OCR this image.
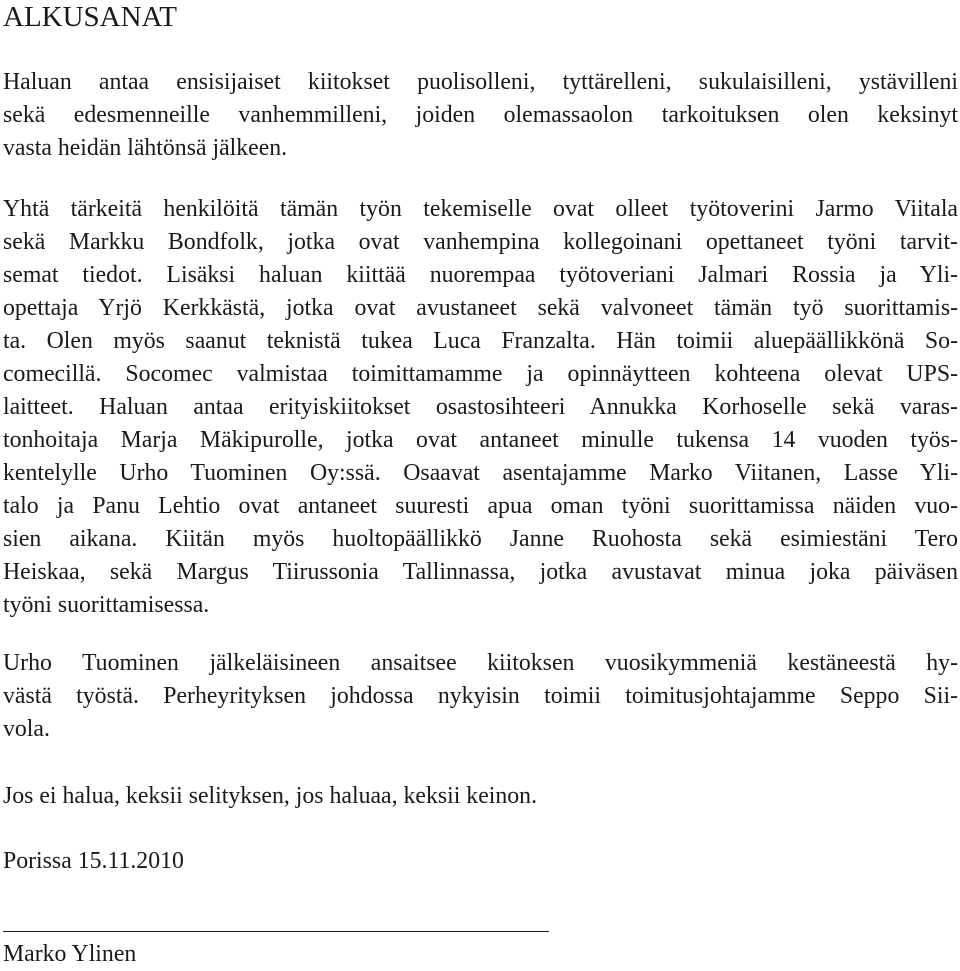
ALKUSANAT
Haluan antaa ensisijaiset kiitokset puolisolleni, tyttärelleni, sukulaisilleni, ystävilleni
sekä edesmenneille vanhemmilleni, joiden olemassaolon tarkoituksen olen keksinyt
vasta heidän lähtönsä jälkeen.
Yhtä tärkeitä henkilöitä tämän työn tekemiselle ovat olleet työtoverini Jarmo Viitala
sekä Markku Bondfolk, jotka ovat vanhempina kollegoinani opettaneet työni tarvit-
semat tiedot. Lisäksi haluan kiittää nuorempaa työtoveriani Jalmari Rossia ja Yli-
opettaja Yrjö Kerkkästä, jotka ovat avustaneet sekä valvoneet tämän työ suorittamis-
ta. Olen myös saanut teknistä tukea Luca Franzalta. Hän toimii aluepäällikkönä So-
comecillä. Socomec valmistaa toimittamamme ja opinnäytteen kohteena olevat UPS-
laitteet. Haluan antaa erityiskiitokset osastosihteeri Annukka Korhoselle sekä varas-
tonhoitaja Marja Mäkipurolle, jotka ovat antaneet minulle tukensa 14 vuoden työs-
kentelylle Urho Tuominen Oy:ssä. Osaavat asentajamme Marko Viitanen, Lasse Yli-
talo ja Panu Lehtio ovat antaneet suuresti apua oman työni suorittamissa näiden vuo-
sien aikana. Kiitän myös huoltopäällikkö Janne Ruohosta sekä esimiestäni Tero
Heiskaa, sekä Margus Tiirussonia Tallinnassa, jotka avustavat minua joka päiväsen
työni suorittamisessa.
Urho Tuominen jälkeläisineen ansaitsee kiitoksen vuosikymmeniä kestäneestä hy-
västä työstä. Perheyrityksen johdossa nykyisin toimii toimitusjohtajamme Seppo Sii-
vola.
Jos ei halua, keksii selityksen, jos haluaa, keksii keinon.
Porissa 15.11.2010

Marko Ylinen
